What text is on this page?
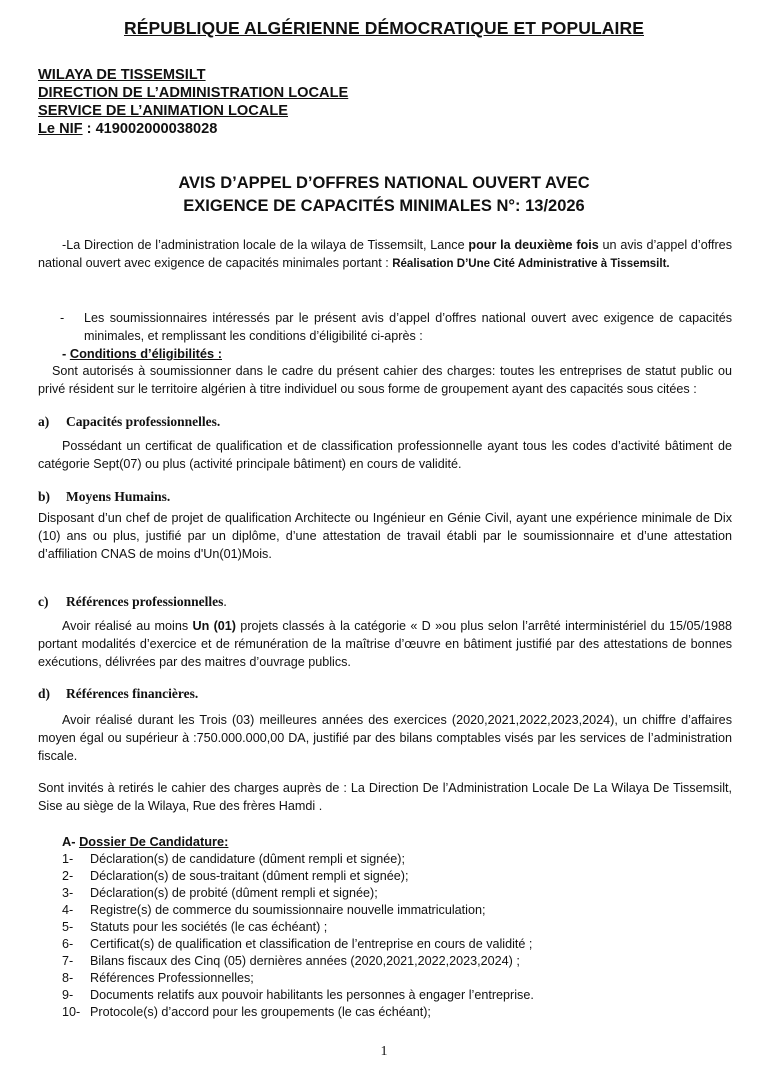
RÉPUBLIQUE ALGÉRIENNE DÉMOCRATIQUE ET POPULAIRE
WILAYA DE TISSEMSILT
DIRECTION DE L’ADMINISTRATION LOCALE
SERVICE DE L’ANIMATION LOCALE
Le NIF : 419002000038028
AVIS D’APPEL D’OFFRES NATIONAL OUVERT AVEC
EXIGENCE DE CAPACITÉS MINIMALES N°: 13/2026
-La Direction de l’administration locale de la wilaya de Tissemsilt, Lance pour la deuxième fois un avis d’appel d’offres national ouvert avec exigence de capacités minimales portant : Réalisation D’Une Cité Administrative à Tissemsilt.
- Les soumissionnaires intéressés par le présent avis d’appel d’offres national ouvert avec exigence de capacités minimales, et remplissant les conditions d’éligibilité ci-après :
- Conditions d’éligibilités :
Sont autorisés à soumissionner dans le cadre du présent cahier des charges: toutes les entreprises de statut public ou privé résident sur le territoire algérien à titre individuel ou sous forme de groupement ayant des capacités sous citées :
a) Capacités professionnelles.
Possédant un certificat de qualification et de classification professionnelle ayant tous les codes d’activité bâtiment de catégorie Sept(07) ou plus (activité principale bâtiment) en cours de validité.
b) Moyens Humains.
Disposant d’un chef de projet de qualification Architecte ou Ingénieur en Génie Civil, ayant une expérience minimale de Dix (10) ans ou plus, justifié par un diplôme, d’une attestation de travail établi par le soumissionnaire et d’une attestation d’affiliation CNAS de moins d'Un(01)Mois.
c) Références professionnelles.
Avoir réalisé au moins Un (01) projets classés à la catégorie « D »ou plus selon l’arrêté interministériel du 15/05/1988 portant modalités d’exercice et de rémunération de la maîtrise d’œuvre en bâtiment justifié par des attestations de bonnes exécutions, délivrées par des maitres d’ouvrage publics.
d) Références financières.
Avoir réalisé durant les Trois (03) meilleures années des exercices (2020,2021,2022,2023,2024), un chiffre d’affaires moyen égal ou supérieur à :750.000.000,00 DA, justifié par des bilans comptables visés par les services de l’administration fiscale.
Sont invités à retirés le cahier des charges auprès de : La Direction De l’Administration Locale De La Wilaya De Tissemsilt, Sise au siège de la Wilaya, Rue des frères Hamdi .
A- Dossier De Candidature:
1- Déclaration(s) de candidature (dûment rempli et signée);
2- Déclaration(s) de sous-traitant (dûment rempli et signée);
3- Déclaration(s) de probité (dûment rempli et signée);
4- Registre(s) de commerce du soumissionnaire nouvelle immatriculation;
5- Statuts pour les sociétés (le cas échéant) ;
6- Certificat(s) de qualification et classification de l’entreprise en cours de validité ;
7- Bilans fiscaux des Cinq (05) dernières années (2020,2021,2022,2023,2024) ;
8- Références Professionnelles;
9- Documents relatifs aux pouvoir habilitants les personnes à engager l’entreprise.
10- Protocole(s) d’accord pour les groupements (le cas échéant);
1
